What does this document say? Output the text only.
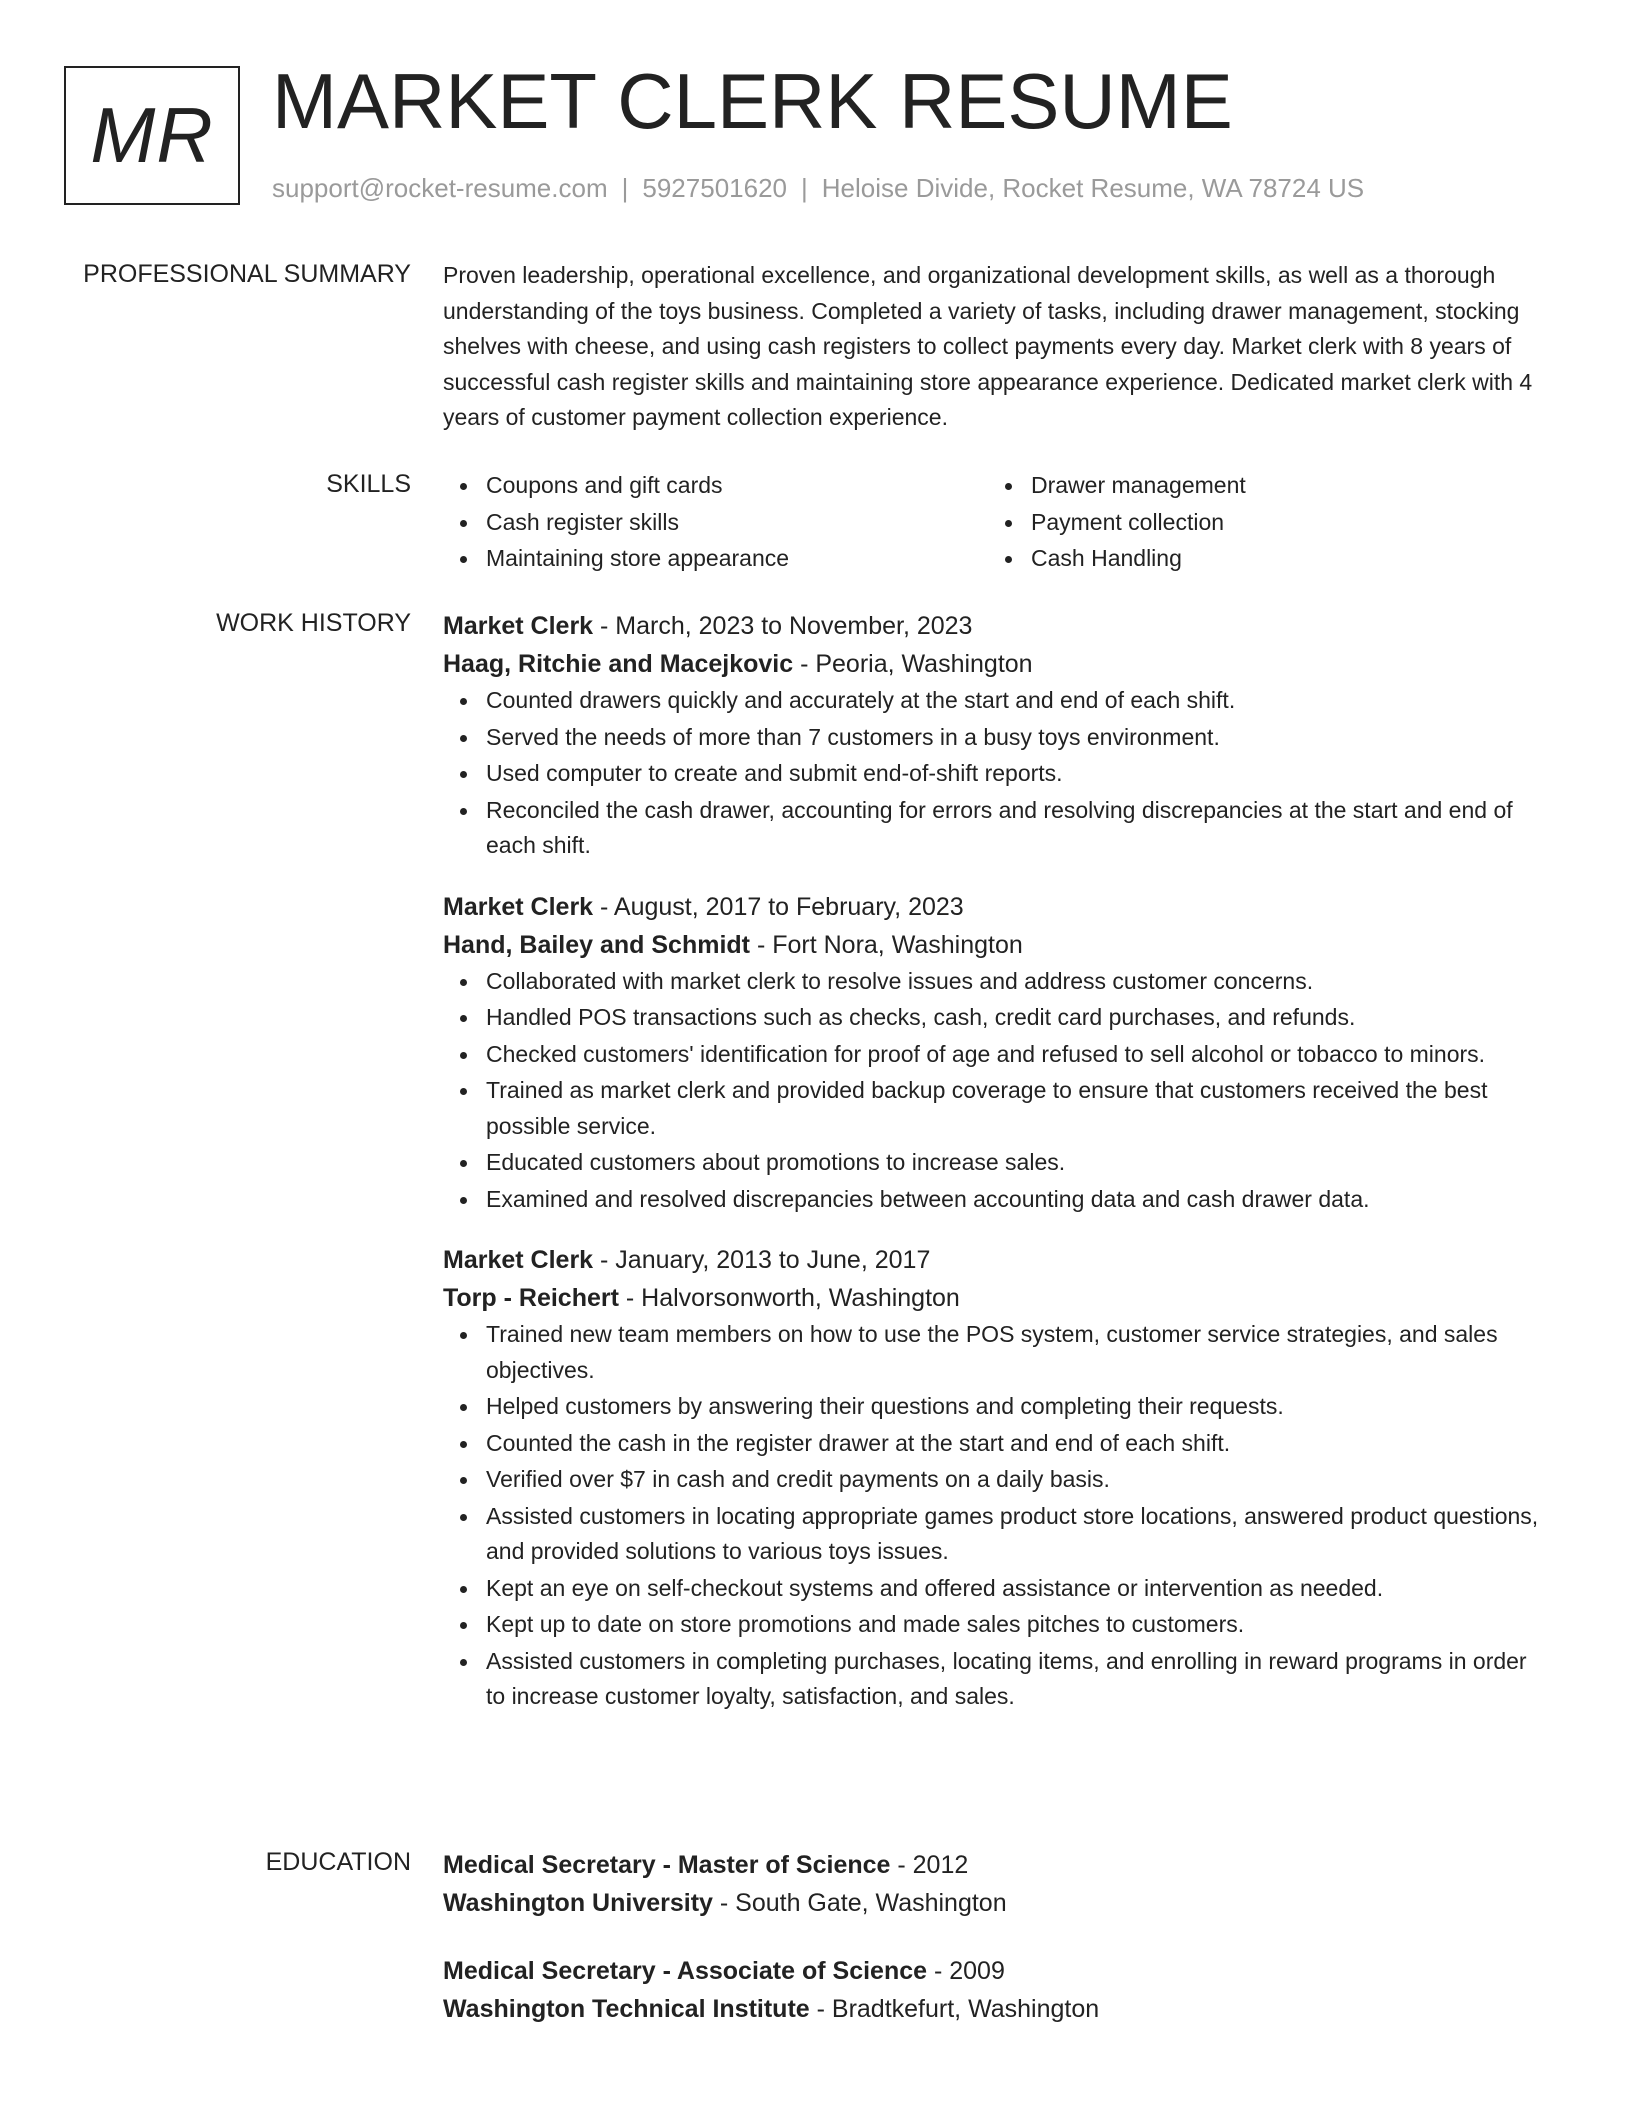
MR MARKET CLERK RESUME
support@rocket-resume.com | 5927501620 | Heloise Divide, Rocket Resume, WA 78724 US
PROFESSIONAL SUMMARY Proven leadership, operational excellence, and organizational development skills, as well as a thorough understanding of the toys business. Completed a variety of tasks, including drawer management, stocking shelves with cheese, and using cash registers to collect payments every day. Market clerk with 8 years of successful cash register skills and maintaining store appearance experience. Dedicated market clerk with 4 years of customer payment collection experience.

SKILLS	Coupons and gift cards
Cash register skills
Maintaining store appearance
Drawer management
Payment collection
Cash Handling
WORK HISTORY Market Clerk - March, 2023 to November, 2023
Haag, Ritchie and Macejkovic - Peoria, Washington
Counted drawers quickly and accurately at the start and end of each shift.
Served the needs of more than 7 customers in a busy toys environment.
Used computer to create and submit end-of-shift reports.
Reconciled the cash drawer, accounting for errors and resolving discrepancies at the start and end of each shift.
Market Clerk - August, 2017 to February, 2023
Hand, Bailey and Schmidt - Fort Nora, Washington
Collaborated with market clerk to resolve issues and address customer concerns.
Handled POS transactions such as checks, cash, credit card purchases, and refunds.
Checked customers' identification for proof of age and refused to sell alcohol or tobacco to minors.
Trained as market clerk and provided backup coverage to ensure that customers received the best possible service.
Educated customers about promotions to increase sales.
Examined and resolved discrepancies between accounting data and cash drawer data.
Market Clerk - January, 2013 to June, 2017
Torp - Reichert - Halvorsonworth, Washington
Trained new team members on how to use the POS system, customer service strategies, and sales objectives.
Helped customers by answering their questions and completing their requests.
Counted the cash in the register drawer at the start and end of each shift.
Verified over $7 in cash and credit payments on a daily basis.
Assisted customers in locating appropriate games product store locations, answered product questions, and provided solutions to various toys issues.
Kept an eye on self-checkout systems and offered assistance or intervention as needed.
Kept up to date on store promotions and made sales pitches to customers.
Assisted customers in completing purchases, locating items, and enrolling in reward programs in order to increase customer loyalty, satisfaction, and sales.
EDUCATION Medical Secretary - Master of Science - 2012
Washington University - South Gate, Washington
Medical Secretary - Associate of Science - 2009
Washington Technical Institute - Bradtkefurt, Washington
